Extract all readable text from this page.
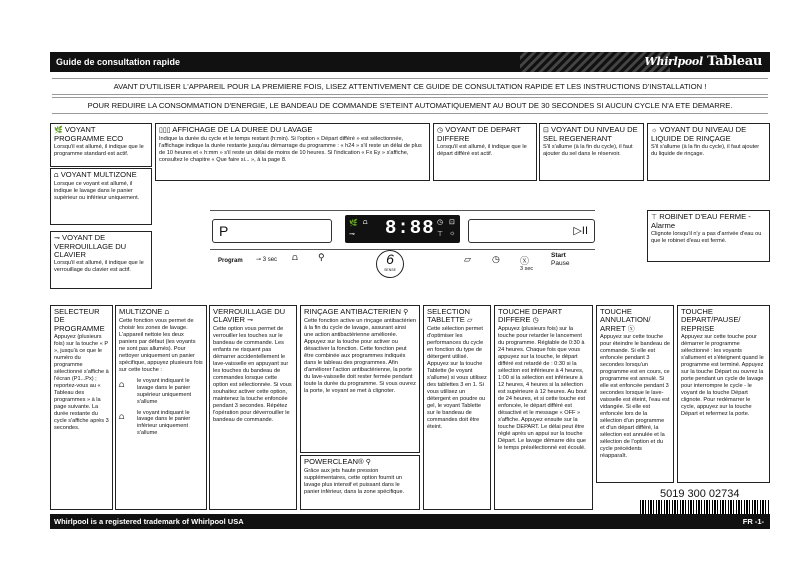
Guide de consultation rapide	Whirlpool Tableau
AVANT D'UTILISER L'APPAREIL POUR LA PREMIERE FOIS, LISEZ ATTENTIVEMENT CE GUIDE DE CONSULTATION RAPIDE ET LES INSTRUCTIONS D'INSTALLATION !
POUR REDUIRE LA CONSOMMATION D'ENERGIE, LE BANDEAU DE COMMANDE S'ETEINT AUTOMATIQUEMENT AU BOUT DE 30 SECONDES SI AUCUN CYCLE N'A ETE DEMARRE.
🌿 VOYANT PROGRAMME ECO

Lorsqu'il est allumé, il indique que le programme standard est actif.

⩍ VOYANT MULTIZONE

Lorsque ce voyant est allumé, il indique le lavage dans le panier supérieur ou inférieur uniquement.

⊸ VOYANT DE VERROUILLAGE DU CLAVIER

Lorsqu'il est allumé, il indique que le verrouillage du clavier est actif.

▯▯▯ AFFICHAGE DE LA DUREE DU LAVAGE

Indique la durée du cycle et le temps restant (h:min). Si l'option « Départ différé » est sélectionnée, l'affichage indique la durée restante jusqu'au démarrage du programme : « h24 » s'il reste un délai de plus de 10 heures et « h:mm » s'il reste un délai de moins de 10 heures. Si l'indication « Fx Ey » s'affiche, consultez le chapitre « Que faire si... », à la page 8.

◷ VOYANT DE DEPART DIFFERE

Lorsqu'il est allumé, il indique que le départ différé est actif.

⊡ VOYANT DU NIVEAU DE SEL REGENERANT

S'il s'allume (à la fin du cycle), il faut ajouter du sel dans le réservoir.

☼ VOYANT DU NIVEAU DE LIQUIDE DE RINÇAGE

S'il s'allume (à la fin du cycle), il faut ajouter du liquide de rinçage.

⊤ ROBINET D'EAU FERME - Alarme

Clignote lorsqu'il n'y a pas d'arrivée d'eau ou que le robinet d'eau est fermé.

P	🌿
⊸
⩍ 8:88 ◷ ⊡
⊤ ☼	▷II
Program ⊸ 3 sec ⩍ ⚲	6
SENSE
▱ ◷ ⓧ
3 sec
Start
Pause
SELECTEUR DE PROGRAMME

Appuyez (plusieurs fois) sur la touche « P », jusqu'à ce que le numéro du programme sélectionné s'affiche à l'écran (P1...Px) ; reportez-vous au « Tableau des programmes » à la page suivante. La durée restante du cycle s'affiche après 3 secondes.

MULTIZONE ⩍

Cette fonction vous permet de choisir les zones de lavage. L'appareil nettoie les deux paniers par défaut (les voyants ne sont pas allumés). Pour nettoyer uniquement un panier spécifique, appuyez plusieurs fois sur cette touche :

⩍ le voyant indiquant le lavage dans le panier supérieur uniquement s'allume

⩍ le voyant indiquant le lavage dans le panier inférieur uniquement s'allume

VERROUILLAGE DU CLAVIER ⊸

Cette option vous permet de verrouiller les touches sur le bandeau de commande. Les enfants ne risquent pas démarrer accidentellement le lave-vaisselle en appuyant sur les touches du bandeau de commandes lorsque cette option est sélectionnée. Si vous souhaitez activer cette option, maintenez la touche enfoncée pendant 3 secondes. Répétez l'opération pour déverrouiller le bandeau de commande.

RINÇAGE ANTIBACTERIEN ⚲

Cette fonction active un rinçage antibactérien à la fin du cycle de lavage, assurant ainsi une action antibactérienne améliorée. Appuyez sur la touche pour activer ou désactiver la fonction. Cette fonction peut être combinée aux programmes indiqués dans le tableau des programmes. Afin d'améliorer l'action antibactérienne, la porte du lave-vaisselle doit rester fermée pendant toute la durée du programme. Si vous ouvrez la porte, le voyant se met à clignoter.

POWERCLEAN® ⚲

Grâce aux jets haute pression supplémentaires, cette option fournit un lavage plus intensif et puissant dans le panier inférieur, dans la zone spécifique.

SELECTION TABLETTE ▱

Cette sélection permet d'optimiser les performances du cycle en fonction du type de détergent utilisé. Appuyez sur la touche Tablette (le voyant s'allume) si vous utilisez des tablettes 3 en 1. Si vous utilisez un détergent en poudre ou gel, le voyant Tablette sur le bandeau de commandes doit être éteint.

TOUCHE DEPART DIFFERE ◷

Appuyez (plusieurs fois) sur la touche pour retarder le lancement du programme. Réglable de 0:30 à 24 heures. Chaque fois que vous appuyez sur la touche, le départ différé est retardé de : 0:30 si la sélection est inférieure à 4 heures, 1:00 si la sélection est inférieure à 12 heures, 4 heures si la sélection est supérieure à 12 heures. Au bout de 24 heures, et si cette touche est enfoncée, le départ différé est désactivé et le message « OFF » s'affiche. Appuyez ensuite sur la touche DEPART. Le délai peut être réglé après un appui sur la touche Départ. Le lavage démarre dès que le temps présélectionné est écoulé.

TOUCHE ANNULATION/ ARRET ⓧ

Appuyez sur cette touche pour éteindre le bandeau de commande. Si elle est enfoncée pendant 3 secondes lorsqu'un programme est en cours, ce programme est annulé. Si elle est enfoncée pendant 3 secondes lorsque le lave-vaisselle est éteint, l'eau est vidangée. Si elle est enfoncée lors de la sélection d'un programme et d'un départ différé, la sélection est annulée et la sélection de l'option et du cycle précédents réapparaît.

TOUCHE DEPART/PAUSE/ REPRISE

Appuyez sur cette touche pour démarrer le programme sélectionné : les voyants s'allument et s'éteignent quand le programme est terminé. Appuyez sur la touche Départ ou ouvrez la porte pendant un cycle de lavage pour interrompre le cycle - le voyant de la touche Départ clignote. Pour redémarrer le cycle, appuyez sur la touche Départ et refermez la porte.

5019 300 02734
Whirlpool is a registered trademark of Whirlpool USA	FR -1-
